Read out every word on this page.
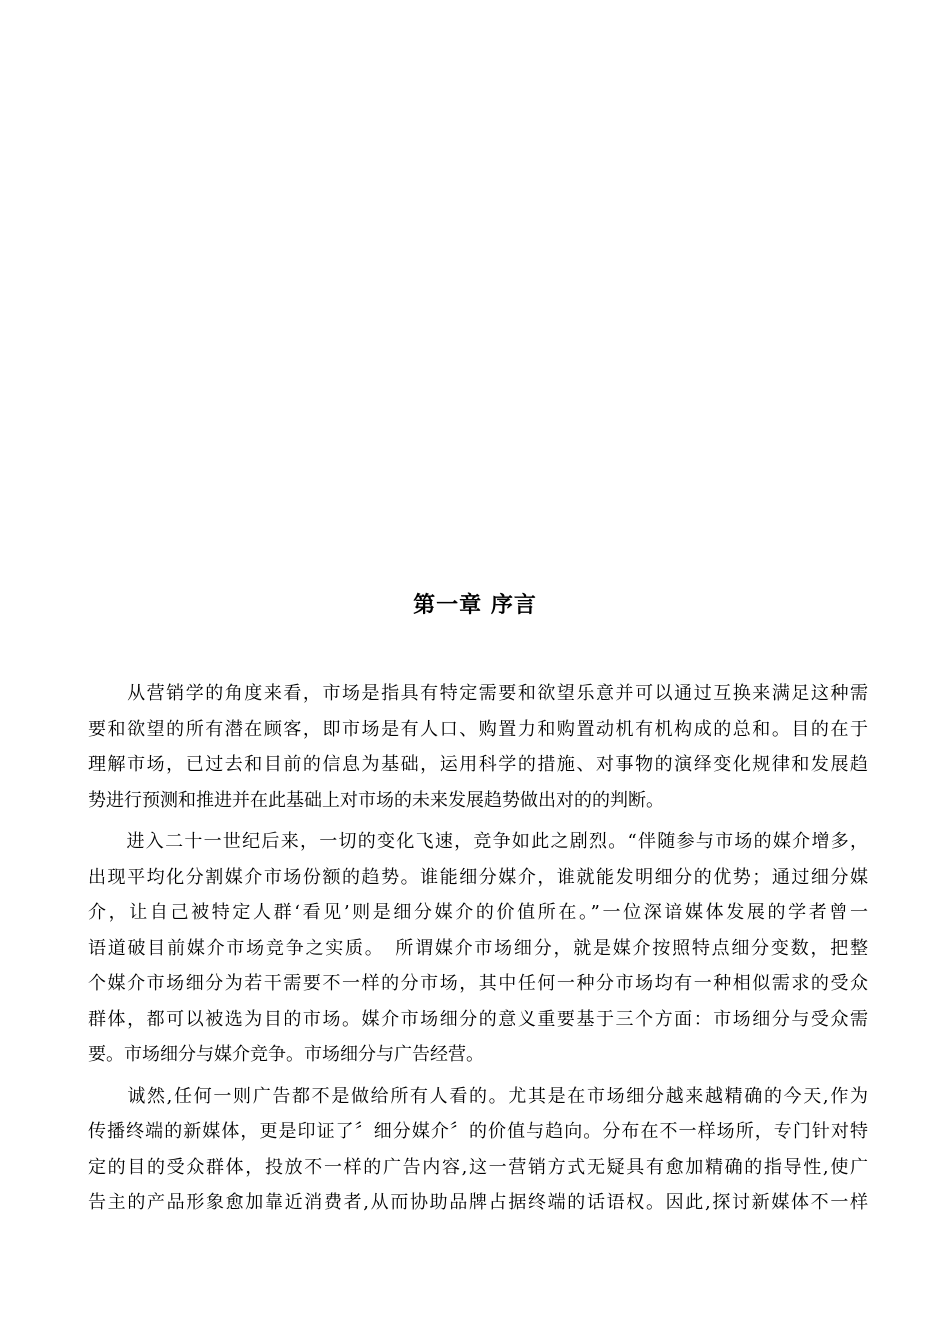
第一章 序言
　　从营销学的角度来看，市场是指具有特定需要和欲望乐意并可以通过互换来满足这种需
要和欲望的所有潜在顾客，即市场是有人口、购置力和购置动机有机构成的总和。目的在于
理解市场，已过去和目前的信息为基础，运用科学的措施、对事物的演绎变化规律和发展趋
势进行预测和推进并在此基础上对市场的未来发展趋势做出对的的判断。
　　进入二十一世纪后来，一切的变化飞速，竞争如此之剧烈。“伴随参与市场的媒介增多，
出现平均化分割媒介市场份额的趋势。谁能细分媒介，谁就能发明细分的优势；通过细分媒
介，让自己被特定人群‘看见’则是细分媒介的价值所在。”一位深谙媒体发展的学者曾一
语道破目前媒介市场竞争之实质。　所谓媒介市场细分，就是媒介按照特点细分变数，把整
个媒介市场细分为若干需要不一样的分市场，其中任何一种分市场均有一种相似需求的受众
群体，都可以被选为目的市场。媒介市场细分的意义重要基于三个方面：市场细分与受众需
要。市场细分与媒介竞争。市场细分与广告经营。
　　诚然,任何一则广告都不是做给所有人看的。尤其是在市场细分越来越精确的今天,作为
传播终端的新媒体，更是印证了〞细分媒介〞的价值与趋向。分布在不一样场所，专门针对特
定的目的受众群体，投放不一样的广告内容,这一营销方式无疑具有愈加精确的指导性,使广
告主的产品形象愈加靠近消费者,从而协助品牌占据终端的话语权。因此,探讨新媒体不一样
